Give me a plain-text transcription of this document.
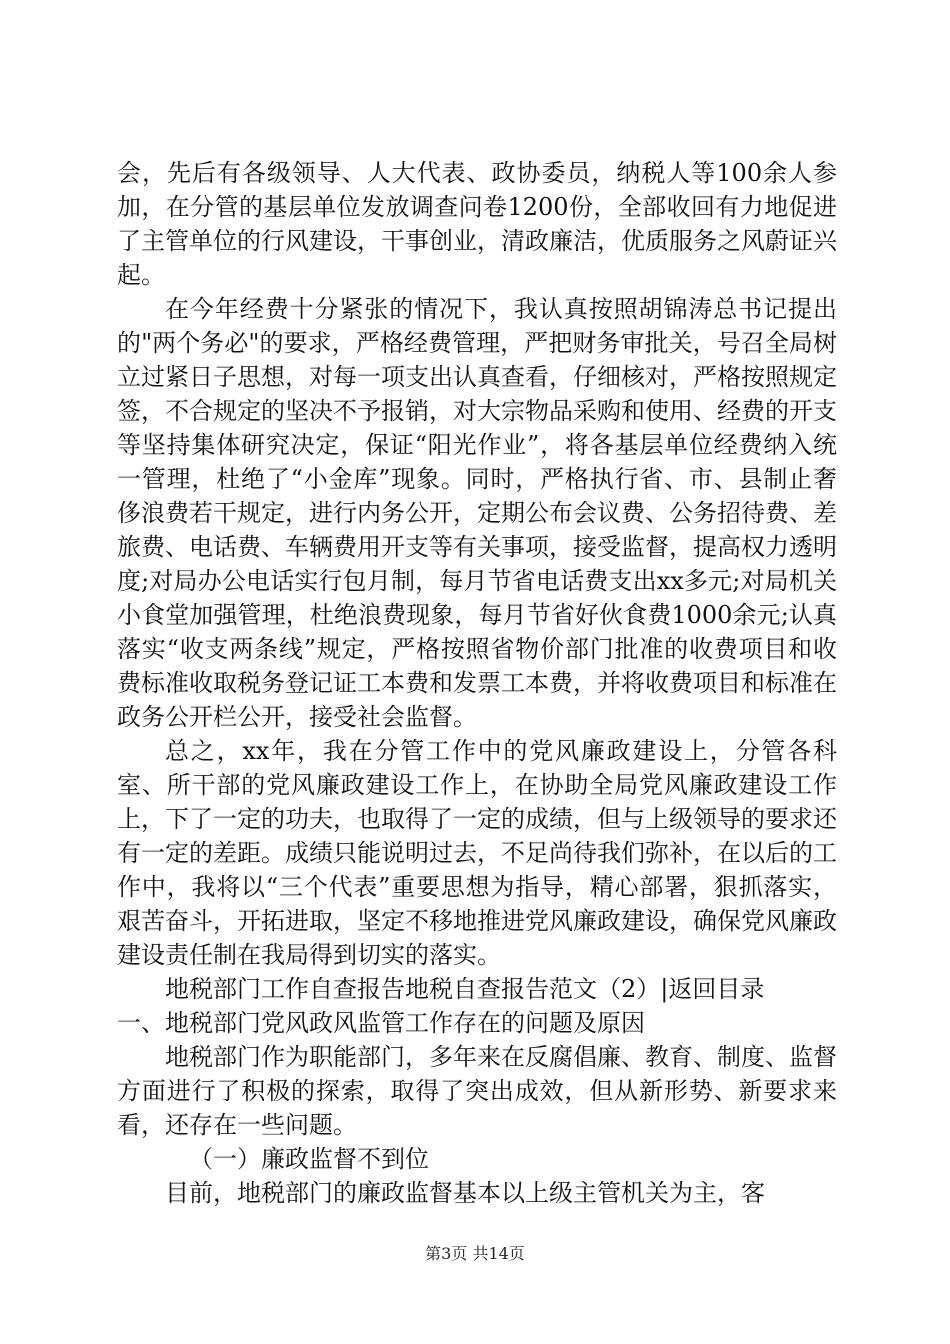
会，先后有各级领导、人大代表、政协委员，纳税人等100余人参加，在分管的基层单位发放调查问卷1200份，全部收回有力地促进了主管单位的行风建设，干事创业，清政廉洁，优质服务之风蔚证兴起。

在今年经费十分紧张的情况下，我认真按照胡锦涛总书记提出的"两个务必"的要求，严格经费管理，严把财务审批关，号召全局树立过紧日子思想，对每一项支出认真查看，仔细核对，严格按照规定签，不合规定的坚决不予报销，对大宗物品采购和使用、经费的开支等坚持集体研究决定，保证“阳光作业”，将各基层单位经费纳入统一管理，杜绝了“小金库”现象。同时，严格执行省、市、县制止奢侈浪费若干规定，进行内务公开，定期公布会议费、公务招待费、差旅费、电话费、车辆费用开支等有关事项，接受监督，提高权力透明度;对局办公电话实行包月制，每月节省电话费支出xx多元;对局机关小食堂加强管理，杜绝浪费现象，每月节省好伙食费1000余元;认真落实“收支两条线”规定，严格按照省物价部门批准的收费项目和收费标准收取税务登记证工本费和发票工本费，并将收费项目和标准在政务公开栏公开，接受社会监督。

总之，xx年，我在分管工作中的党风廉政建设上，分管各科室、所干部的党风廉政建设工作上，在协助全局党风廉政建设工作上，下了一定的功夫，也取得了一定的成绩，但与上级领导的要求还有一定的差距。成绩只能说明过去，不足尚待我们弥补，在以后的工作中，我将以“三个代表”重要思想为指导，精心部署，狠抓落实，艰苦奋斗，开拓进取，坚定不移地推进党风廉政建设，确保党风廉政建设责任制在我局得到切实的落实。

地税部门工作自查报告地税自查报告范文（2）|返回目录

一、地税部门党风政风监管工作存在的问题及原因

地税部门作为职能部门，多年来在反腐倡廉、教育、制度、监督方面进行了积极的探索，取得了突出成效，但从新形势、新要求来看，还存在一些问题。

（一）廉政监督不到位

目前，地税部门的廉政监督基本以上级主管机关为主，客

第3页 共14页
